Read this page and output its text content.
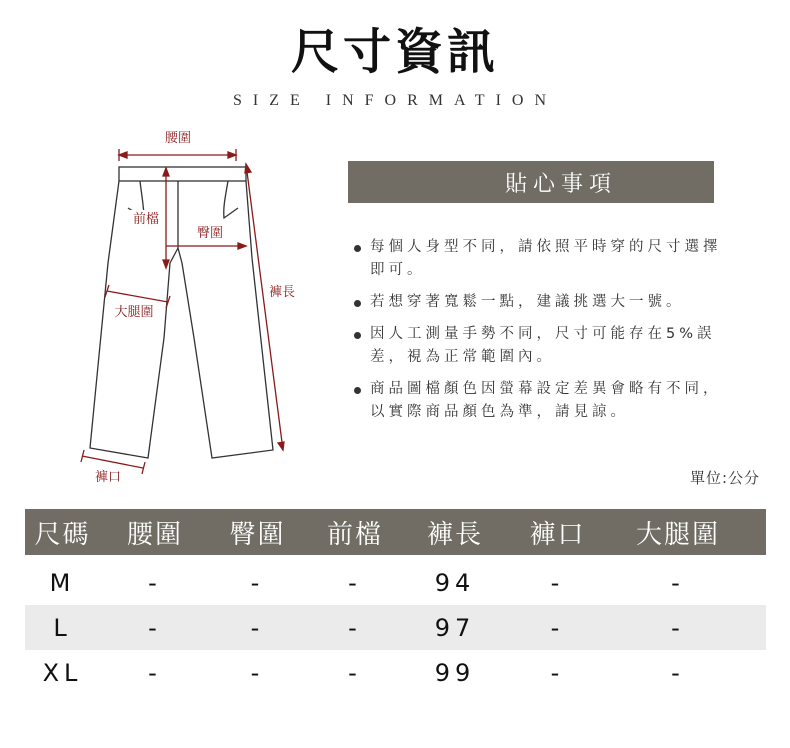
尺寸資訊
SIZE INFORMATION
腰圍
前檔
臀圍
褲長
大腿圍
褲口
貼心事項
每個人身型不同，請依照平時穿的尺寸選擇即可。
若想穿著寬鬆一點，建議挑選大一號。
因人工測量手勢不同，尺寸可能存在5%誤差，視為正常範圍內。
商品圖檔顏色因螢幕設定差異會略有不同，以實際商品顏色為準，請見諒。
單位:公分
尺碼	腰圍	臀圍	前檔	褲長	褲口	大腿圍
M	-	-	-	94	-	-
L	-	-	-	97	-	-
XL	-	-	-	99	-	-
